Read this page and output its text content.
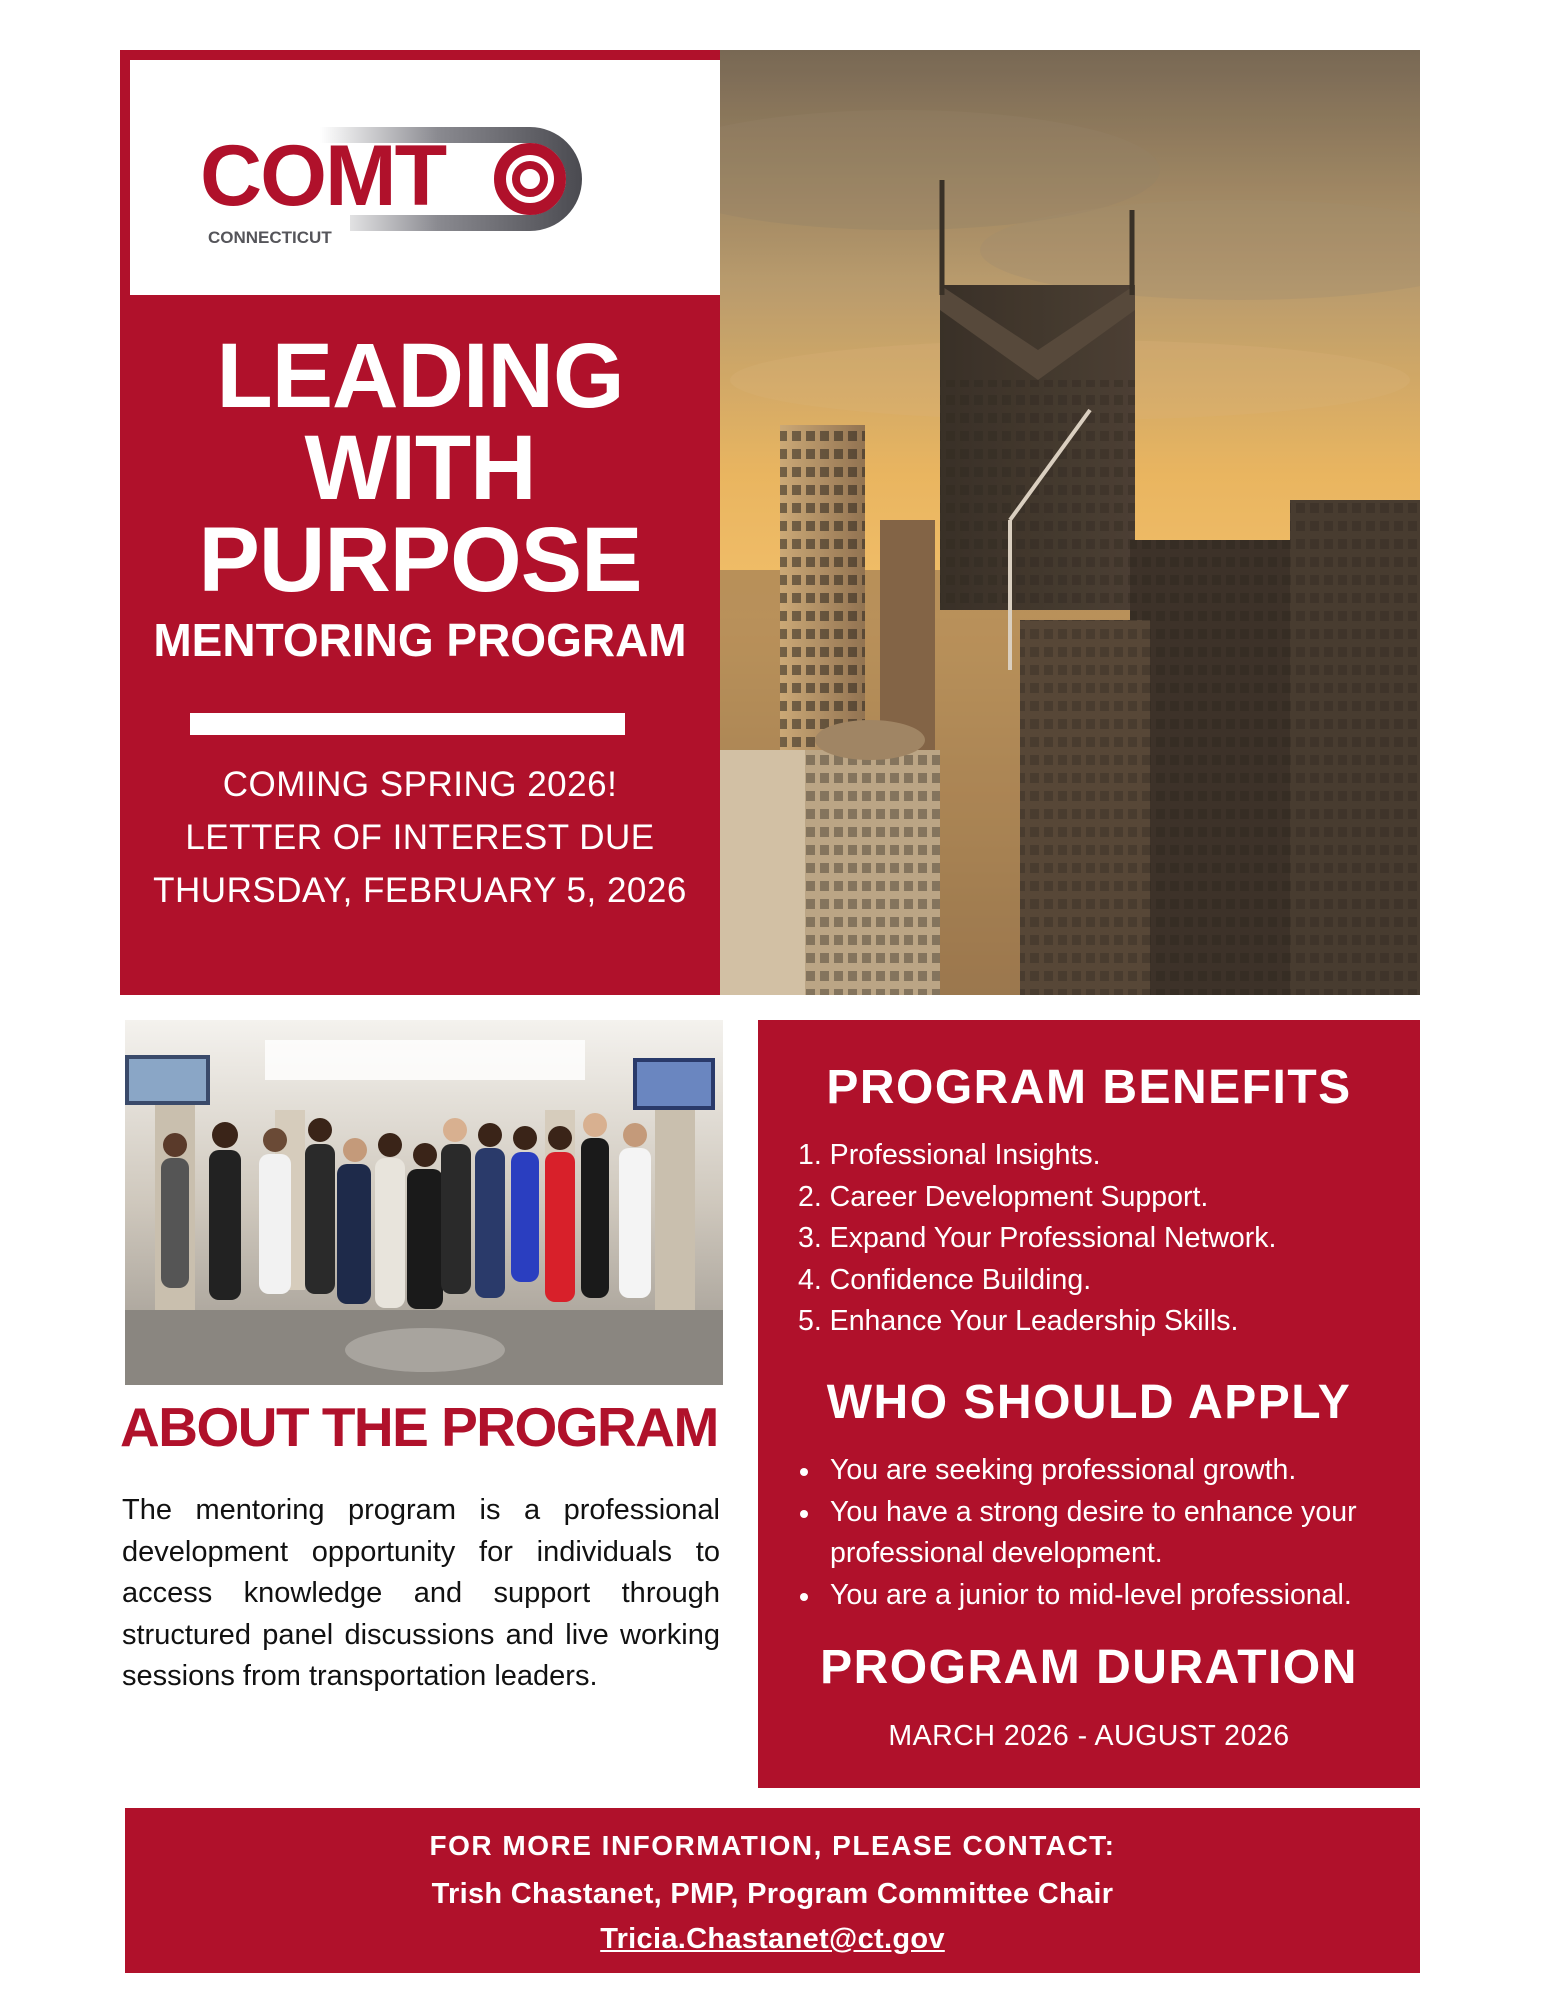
COMT
CONNECTICUT
LEADING
WITH
PURPOSE
MENTORING PROGRAM
COMING SPRING 2026!
LETTER OF INTEREST DUE
THURSDAY, FEBRUARY 5, 2026
ABOUT THE PROGRAM

The mentoring program is a professional development opportunity for individuals to access knowledge and support through structured panel discussions and live working sessions from transportation leaders.

PROGRAM BENEFITS
1. Professional Insights.
2. Career Development Support.
3. Expand Your Professional Network.
4. Confidence Building.
5. Enhance Your Leadership Skills.
WHO SHOULD APPLY
You are seeking professional growth.
You have a strong desire to enhance your professional development.
You are a junior to mid-level professional.
PROGRAM DURATION
MARCH 2026 - AUGUST 2026
FOR MORE INFORMATION, PLEASE CONTACT:
Trish Chastanet, PMP, Program Committee Chair
Tricia.Chastanet@ct.gov
